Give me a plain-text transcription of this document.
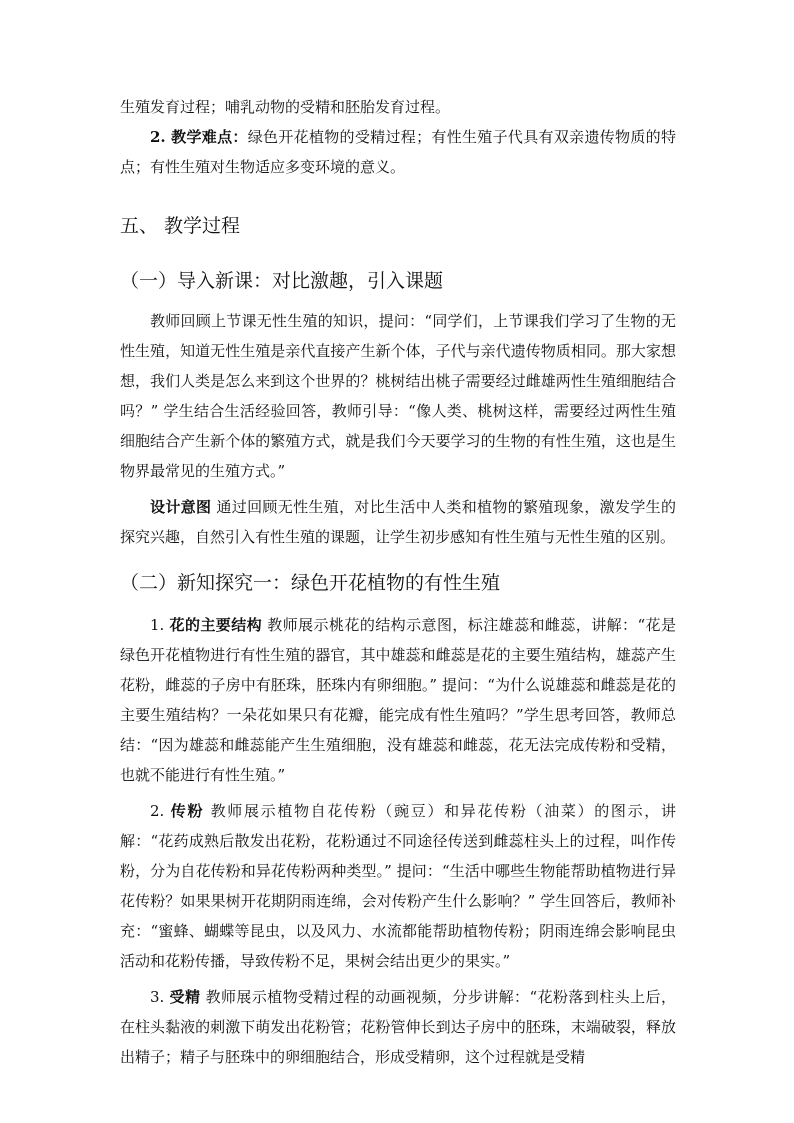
生殖发育过程；哺乳动物的受精和胚胎发育过程。

2. 教学难点：绿色开花植物的受精过程；有性生殖子代具有双亲遗传物质的特点；有性生殖对生物适应多变环境的意义。

五、 教学过程
（一）导入新课：对比激趣，引入课题

教师回顾上节课无性生殖的知识，提问：“同学们，上节课我们学习了生物的无性生殖，知道无性生殖是亲代直接产生新个体，子代与亲代遗传物质相同。那大家想想，我们人类是怎么来到这个世界的？桃树结出桃子需要经过雌雄两性生殖细胞结合吗？” 学生结合生活经验回答，教师引导：“像人类、桃树这样，需要经过两性生殖细胞结合产生新个体的繁殖方式，就是我们今天要学习的生物的有性生殖，这也是生物界最常见的生殖方式。”

设计意图 通过回顾无性生殖，对比生活中人类和植物的繁殖现象，激发学生的探究兴趣，自然引入有性生殖的课题，让学生初步感知有性生殖与无性生殖的区别。

（二）新知探究一：绿色开花植物的有性生殖

1. 花的主要结构 教师展示桃花的结构示意图，标注雄蕊和雌蕊，讲解：“花是绿色开花植物进行有性生殖的器官，其中雄蕊和雌蕊是花的主要生殖结构，雄蕊产生花粉，雌蕊的子房中有胚珠，胚珠内有卵细胞。” 提问：“为什么说雄蕊和雌蕊是花的主要生殖结构？一朵花如果只有花瓣，能完成有性生殖吗？”学生思考回答，教师总结：“因为雄蕊和雌蕊能产生生殖细胞，没有雄蕊和雌蕊，花无法完成传粉和受精，也就不能进行有性生殖。”

2. 传粉 教师展示植物自花传粉（豌豆）和异花传粉（油菜）的图示，讲解：“花药成熟后散发出花粉，花粉通过不同途径传送到雌蕊柱头上的过程，叫作传粉，分为自花传粉和异花传粉两种类型。” 提问：“生活中哪些生物能帮助植物进行异花传粉？如果果树开花期阴雨连绵，会对传粉产生什么影响？” 学生回答后，教师补充：“蜜蜂、蝴蝶等昆虫，以及风力、水流都能帮助植物传粉；阴雨连绵会影响昆虫活动和花粉传播，导致传粉不足，果树会结出更少的果实。”

3. 受精 教师展示植物受精过程的动画视频，分步讲解：“花粉落到柱头上后，在柱头黏液的刺激下萌发出花粉管；花粉管伸长到达子房中的胚珠，末端破裂，释放出精子；精子与胚珠中的卵细胞结合，形成受精卵，这个过程就是受精
